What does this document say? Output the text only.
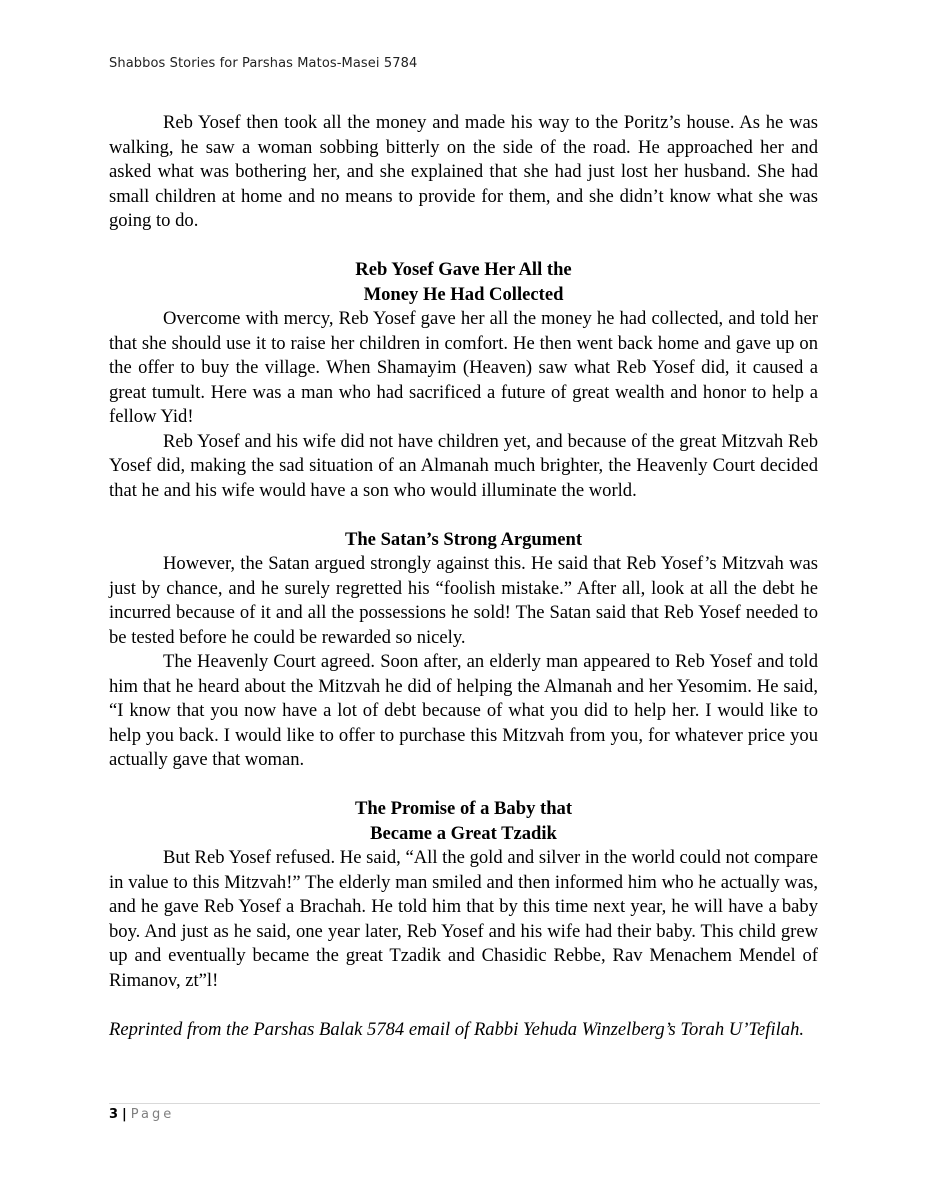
Shabbos Stories for Parshas Matos-Masei 5784

Reb Yosef then took all the money and made his way to the Poritz’s house. As he was walking, he saw a woman sobbing bitterly on the side of the road. He approached her and asked what was bothering her, and she explained that she had just lost her husband. She had small children at home and no means to provide for them, and she didn’t know what she was going to do.

Reb Yosef Gave Her All the
Money He Had Collected

Overcome with mercy, Reb Yosef gave her all the money he had collected, and told her that she should use it to raise her children in comfort. He then went back home and gave up on the offer to buy the village. When Shamayim (Heaven) saw what Reb Yosef did, it caused a great tumult. Here was a man who had sacrificed a future of great wealth and honor to help a fellow Yid!

Reb Yosef and his wife did not have children yet, and because of the great Mitzvah Reb Yosef did, making the sad situation of an Almanah much brighter, the Heavenly Court decided that he and his wife would have a son who would illuminate the world.

The Satan’s Strong Argument

However, the Satan argued strongly against this. He said that Reb Yosef’s Mitzvah was just by chance, and he surely regretted his “foolish mistake.” After all, look at all the debt he incurred because of it and all the possessions he sold! The Satan said that Reb Yosef needed to be tested before he could be rewarded so nicely.

The Heavenly Court agreed. Soon after, an elderly man appeared to Reb Yosef and told him that he heard about the Mitzvah he did of helping the Almanah and her Yesomim. He said, “I know that you now have a lot of debt because of what you did to help her. I would like to help you back. I would like to offer to purchase this Mitzvah from you, for whatever price you actually gave that woman.

The Promise of a Baby that
Became a Great Tzadik

But Reb Yosef refused. He said, “All the gold and silver in the world could not compare in value to this Mitzvah!” The elderly man smiled and then informed him who he actually was, and he gave Reb Yosef a Brachah. He told him that by this time next year, he will have a baby boy. And just as he said, one year later, Reb Yosef and his wife had their baby. This child grew up and eventually became the great Tzadik and Chasidic Rebbe, Rav Menachem Mendel of Rimanov, zt”l!

Reprinted from the Parshas Balak 5784 email of Rabbi Yehuda Winzelberg’s Torah U’Tefilah.

3 | Page
